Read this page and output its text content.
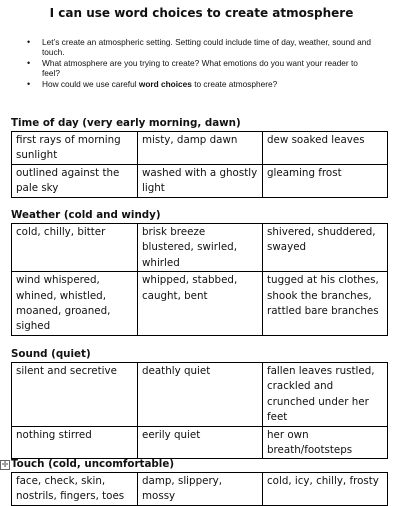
I can use word choices to create atmosphere
• Let’s create an atmospheric setting. Setting could include time of day, weather, sound and touch.
• What atmosphere are you trying to create? What emotions do you want your reader to feel?
• How could we use careful word choices to create atmosphere?
Time of day (very early morning, dawn)
first rays of morning sunlight	misty, damp dawn	dew soaked leaves
outlined against the pale sky	washed with a ghostly light	gleaming frost
Weather (cold and windy)
cold, chilly, bitter	brisk breeze blustered, swirled, whirled	shivered, shuddered, swayed
wind whispered, whined, whistled, moaned, groaned, sighed	whipped, stabbed, caught, bent	tugged at his clothes, shook the branches, rattled bare branches
Sound (quiet)
silent and secretive	deathly quiet	fallen leaves rustled, crackled and crunched under her feet
nothing stirred	eerily quiet	her own breath/footsteps
✛ Touch (cold, uncomfortable)
face, check, skin, nostrils, fingers, toes	damp, slippery, mossy	cold, icy, chilly, frosty
